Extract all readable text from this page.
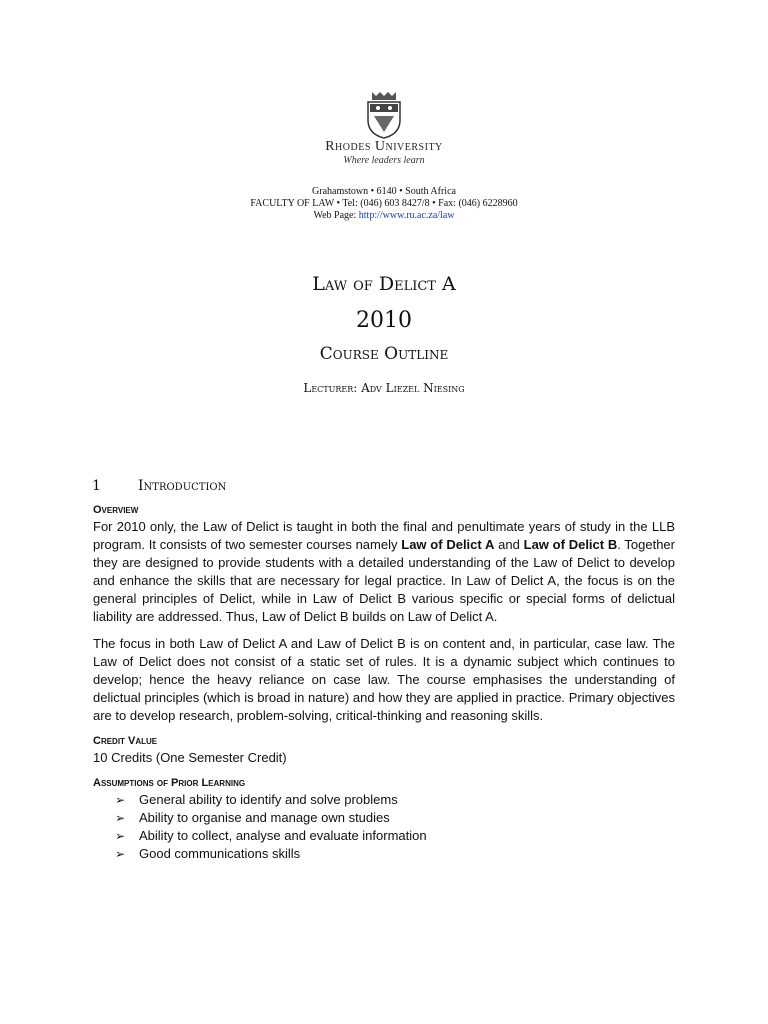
Rhodes University
Where leaders learn
Grahamstown • 6140 • South Africa
FACULTY OF LAW • Tel: (046) 603 8427/8 • Fax: (046) 6228960
Web Page: http://www.ru.ac.za/law
Law of Delict A
2010
Course Outline
Lecturer: Adv Liezel Niesing
1	Introduction
Overview

For 2010 only, the Law of Delict is taught in both the final and penultimate years of study in the LLB program. It consists of two semester courses namely Law of Delict A and Law of Delict B. Together they are designed to provide students with a detailed understanding of the Law of Delict to develop and enhance the skills that are necessary for legal practice. In Law of Delict A, the focus is on the general principles of Delict, while in Law of Delict B various specific or special forms of delictual liability are addressed. Thus, Law of Delict B builds on Law of Delict A.

The focus in both Law of Delict A and Law of Delict B is on content and, in particular, case law. The Law of Delict does not consist of a static set of rules. It is a dynamic subject which continues to develop; hence the heavy reliance on case law. The course emphasises the understanding of delictual principles (which is broad in nature) and how they are applied in practice. Primary objectives are to develop research, problem-solving, critical-thinking and reasoning skills.

Credit Value

10 Credits (One Semester Credit)

Assumptions of Prior Learning
➢ General ability to identify and solve problems
➢ Ability to organise and manage own studies
➢ Ability to collect, analyse and evaluate information
➢ Good communications skills
